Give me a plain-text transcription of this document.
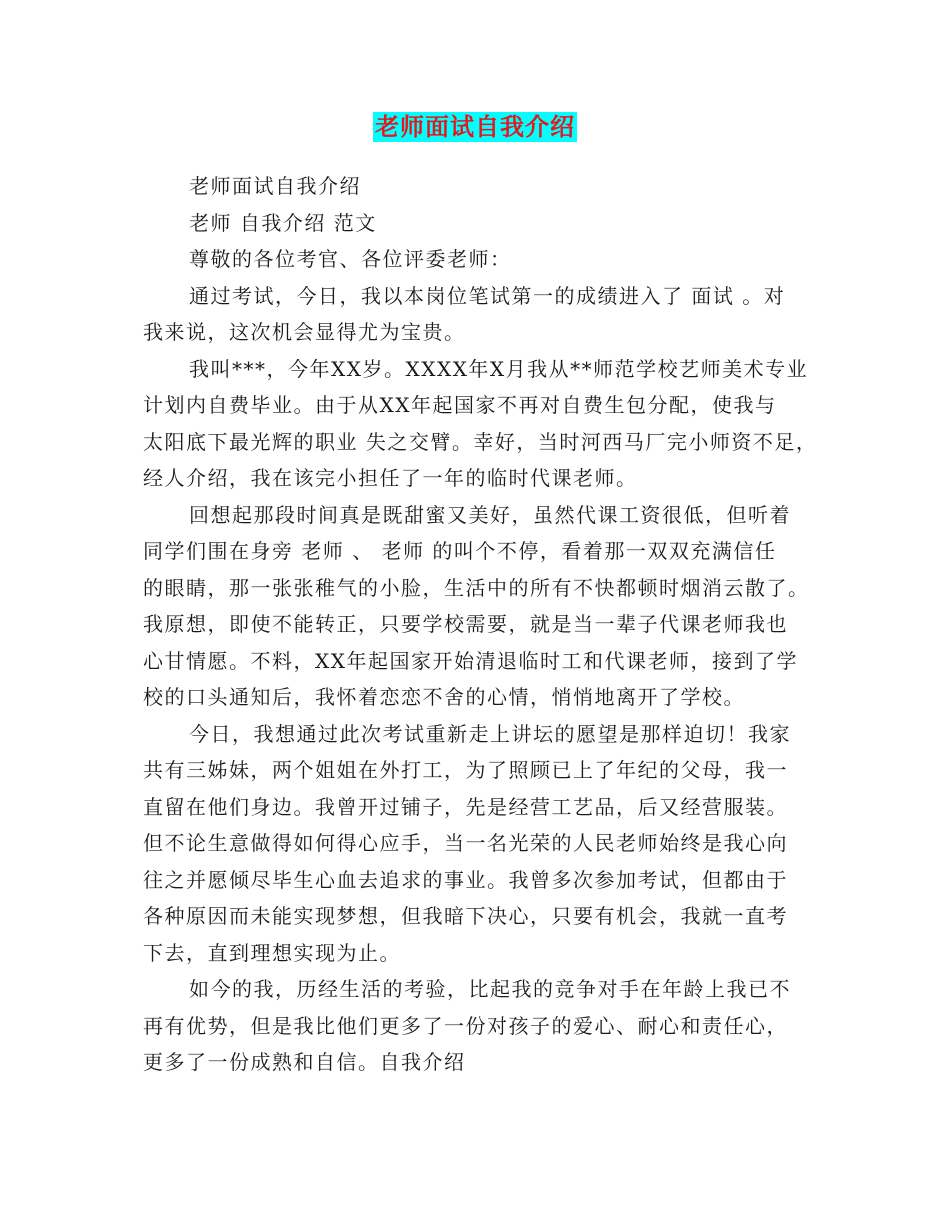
老师面试自我介绍
老师面试自我介绍
老师 自我介绍 范文
尊敬的各位考官、各位评委老师：
通过考试，今日，我以本岗位笔试第一的成绩进入了 面试 。对
我来说，这次机会显得尤为宝贵。
我叫***，今年XX岁。XXXX年X月我从**师范学校艺师美术专业
计划内自费毕业。由于从XX年起国家不再对自费生包分配，使我与
太阳底下最光辉的职业 失之交臂。幸好，当时河西马厂完小师资不足，
经人介绍，我在该完小担任了一年的临时代课老师。
回想起那段时间真是既甜蜜又美好，虽然代课工资很低，但听着
同学们围在身旁 老师 、 老师 的叫个不停，看着那一双双充满信任
的眼睛，那一张张稚气的小脸，生活中的所有不快都顿时烟消云散了。
我原想，即使不能转正，只要学校需要，就是当一辈子代课老师我也
心甘情愿。不料，XX年起国家开始清退临时工和代课老师，接到了学
校的口头通知后，我怀着恋恋不舍的心情，悄悄地离开了学校。
今日，我想通过此次考试重新走上讲坛的愿望是那样迫切！我家
共有三姊妹，两个姐姐在外打工，为了照顾已上了年纪的父母，我一
直留在他们身边。我曾开过铺子，先是经营工艺品，后又经营服装。
但不论生意做得如何得心应手，当一名光荣的人民老师始终是我心向
往之并愿倾尽毕生心血去追求的事业。我曾多次参加考试，但都由于
各种原因而未能实现梦想，但我暗下决心，只要有机会，我就一直考
下去，直到理想实现为止。
如今的我，历经生活的考验，比起我的竞争对手在年龄上我已不
再有优势，但是我比他们更多了一份对孩子的爱心、耐心和责任心，
更多了一份成熟和自信。自我介绍
